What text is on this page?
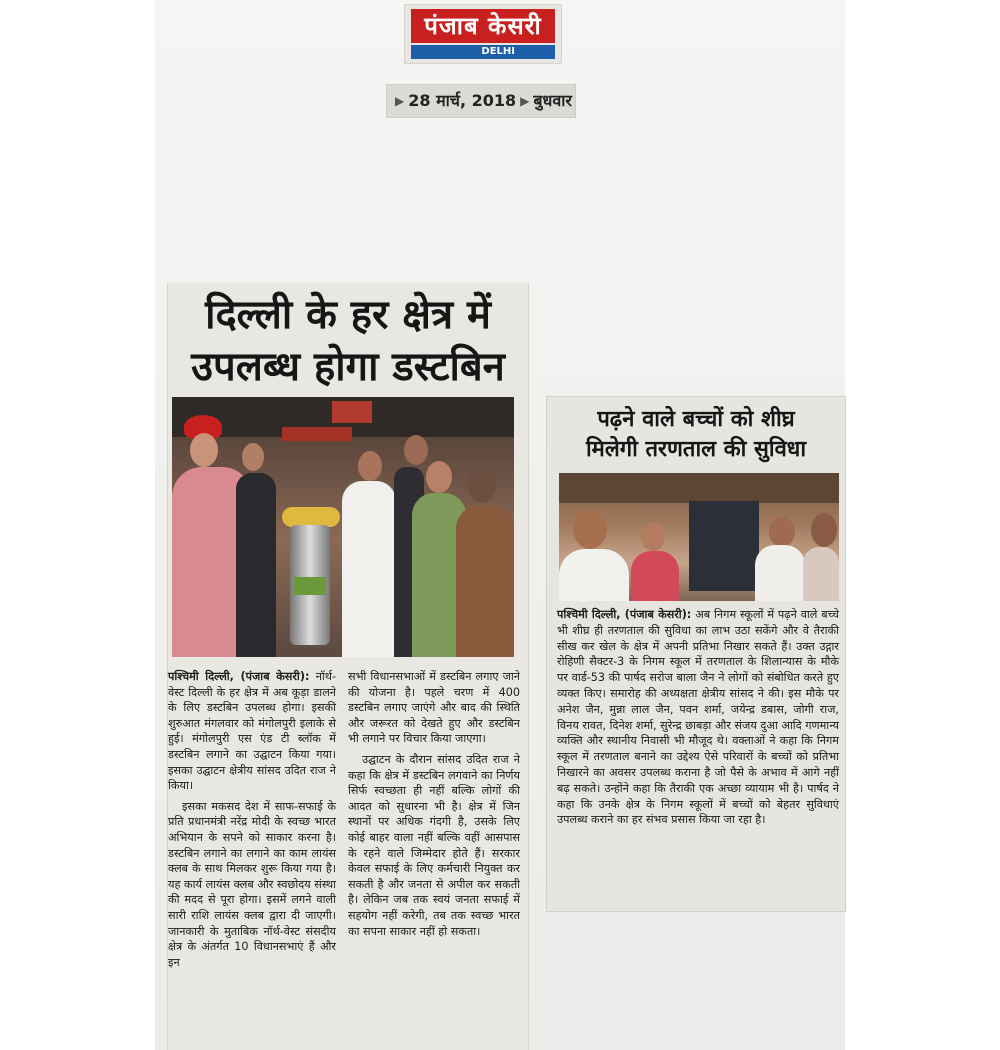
पंजाब केसरी
DELHI
▶ 28 मार्च, 2018 ▶ बुधवार
दिल्ली के हर क्षेत्र में
उपलब्ध होगा डस्टबिन

पश्चिमी दिल्ली, (पंजाब केसरी): नॉर्थ-वेस्ट दिल्ली के हर क्षेत्र में अब कूड़ा डालने के लिए डस्टबिन उपलब्ध होगा। इसकी शुरुआत मंगलवार को मंगोलपुरी इलाके से हुई। मंगोलपुरी एस एंड टी ब्लॉक में डस्टबिन लगाने का उद्घाटन किया गया। इसका उद्घाटन क्षेत्रीय सांसद उदित राज ने किया।

इसका मकसद देश में साफ-सफाई के प्रति प्रधानमंत्री नरेंद्र मोदी के स्वच्छ भारत अभियान के सपने को साकार करना है। डस्टबिन लगाने का लगाने का काम लायंस क्लब के साथ मिलकर शुरू किया गया है। यह कार्य लायंस क्लब और स्वछोदय संस्था की मदद से पूरा होगा। इसमें लगने वाली सारी राशि लायंस क्लब द्वारा दी जाएगी। जानकारी के मुताबिक नॉर्थ-वेस्ट संसदीय क्षेत्र के अंतर्गत 10 विधानसभाएं हैं और इन

सभी विधानसभाओं में डस्टबिन लगाए जाने की योजना है। पहले चरण में 400 डस्टबिन लगाए जाएंगे और बाद की स्थिति और जरूरत को देखते हुए और डस्टबिन भी लगाने पर विचार किया जाएगा।

उद्घाटन के दौरान सांसद उदित राज ने कहा कि क्षेत्र में डस्टबिन लगवाने का निर्णय सिर्फ स्वच्छता ही नहीं बल्कि लोगों की आदत को सुधारना भी है। क्षेत्र में जिन स्थानों पर अधिक गंदगी है, उसके लिए कोई बाहर वाला नहीं बल्कि वहीं आसपास के रहने वाले जिम्मेदार होते हैं। सरकार केवल सफाई के लिए कर्मचारी नियुक्त कर सकती है और जनता से अपील कर सकती है। लेकिन जब तक स्वयं जनता सफाई में सहयोग नहीं करेगी, तब तक स्वच्छ भारत का सपना साकार नहीं हो सकता।

पढ़ने वाले बच्चों को शीघ्र
मिलेगी तरणताल की सुविधा

पश्चिमी दिल्ली, (पंजाब केसरी): अब निगम स्कूलों में पढ़ने वाले बच्चे भी शीघ्र ही तरणताल की सुविधा का लाभ उठा सकेंगे और वे तैराकी सीख कर खेल के क्षेत्र में अपनी प्रतिभा निखार सकते हैं। उक्त उद्गार रोहिणी सैक्टर-3 के निगम स्कूल में तरणताल के शिलान्यास के मौके पर वार्ड-53 की पार्षद सरोज बाला जैन ने लोगों को संबोधित करते हुए व्यक्त किए। समारोह की अध्यक्षता क्षेत्रीय सांसद ने की। इस मौके पर अनेश जैन, मुन्ना लाल जैन, पवन शर्मा, जयेन्द्र डबास, जोगी राज, विनय रावत, दिनेश शर्मा, सुरेन्द्र छाबड़ा और संजय दुआ आदि गणमान्य व्यक्ति और स्थानीय निवासी भी मौजूद थे। वक्ताओं ने कहा कि निगम स्कूल में तरणताल बनाने का उद्देश्य ऐसे परिवारों के बच्चों को प्रतिभा निखारने का अवसर उपलब्ध कराना है जो पैसे के अभाव में आगे नहीं बढ़ सकते। उन्होंने कहा कि तैराकी एक अच्छा व्यायाम भी है। पार्षद ने कहा कि उनके क्षेत्र के निगम स्कूलों में बच्चों को बेहतर सुविधाएं उपलब्ध कराने का हर संभव प्रसास किया जा रहा है।
